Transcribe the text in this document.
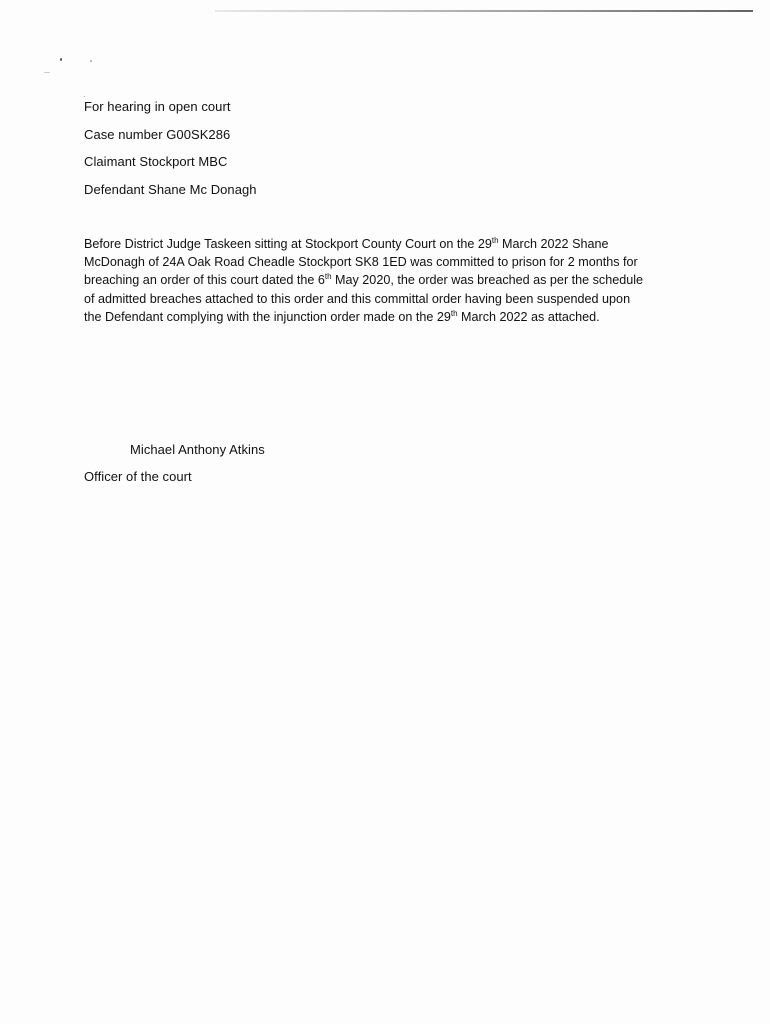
For hearing in open court
Case number G00SK286
Claimant Stockport MBC
Defendant Shane Mc Donagh
Before District Judge Taskeen sitting at Stockport County Court on the 29th March 2022 Shane
McDonagh of 24A Oak Road Cheadle Stockport SK8 1ED was committed to prison for 2 months for
breaching an order of this court dated the 6th May 2020, the order was breached as per the schedule
of admitted breaches attached to this order and this committal order having been suspended upon
the Defendant complying with the injunction order made on the 29th March 2022 as attached.
Michael Anthony Atkins
Officer of the court
